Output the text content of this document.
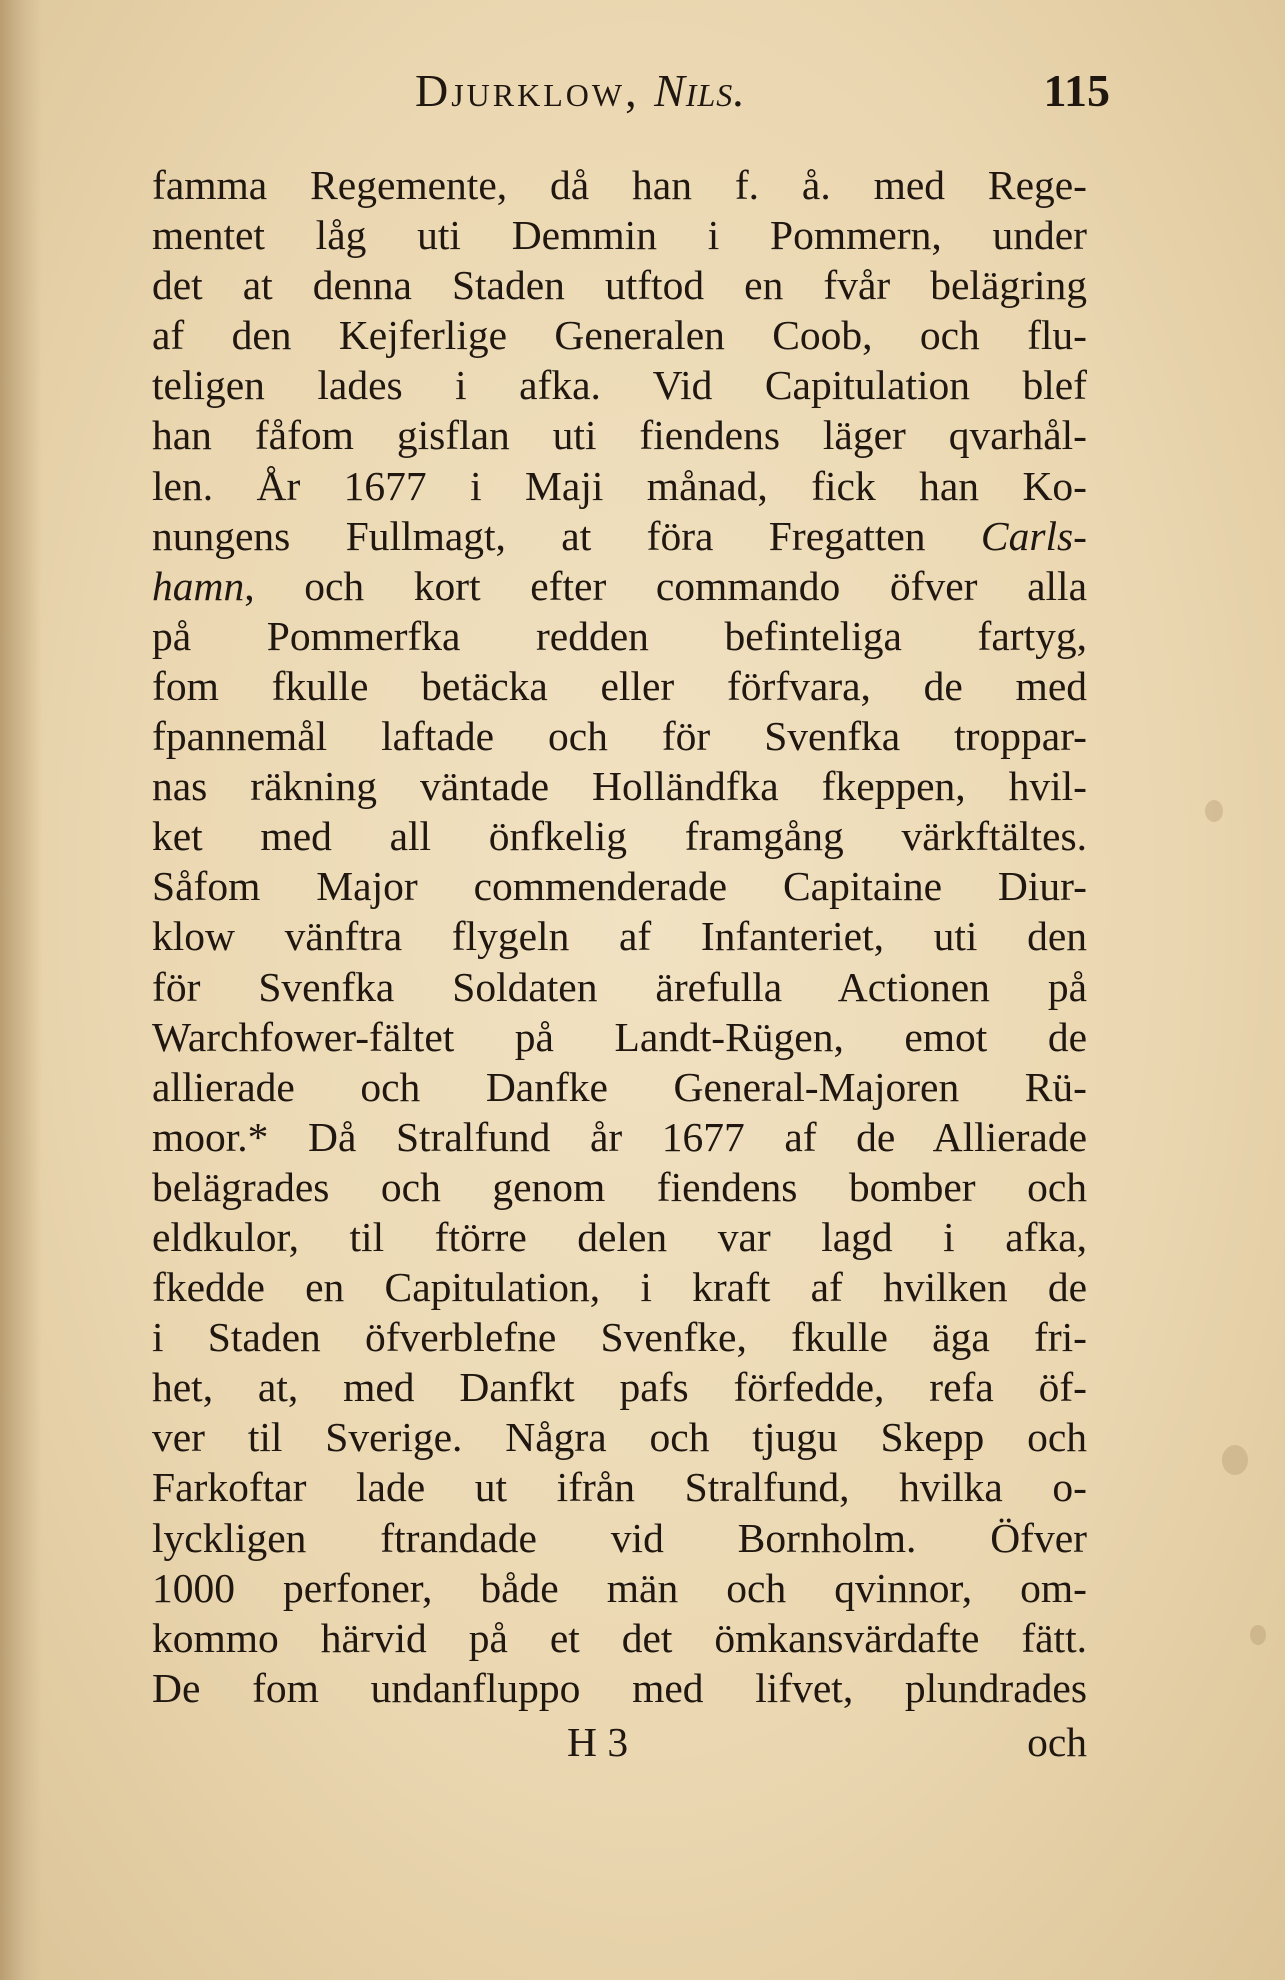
Djurklow, Nils.	115
famma Regemente, då han f. å. med Rege-
mentet låg uti Demmin i Pommern, under
det at denna Staden utftod en fvår belägring
af den Kejferlige Generalen Coob, och flu-
teligen lades i afka. Vid Capitulation blef
han fåfom gisflan uti fiendens läger qvarhål-
len. År 1677 i Maji månad, fick han Ko-
nungens Fullmagt, at föra Fregatten Carls-
hamn, och kort efter commando öfver alla
på Pommerfka redden befinteliga fartyg,
fom fkulle betäcka eller förfvara, de med
fpannemål laftade och för Svenfka troppar-
nas räkning väntade Holländfka fkeppen, hvil-
ket med all önfkelig framgång värkftältes.
Såfom Major commenderade Capitaine Diur-
klow vänftra flygeln af Infanteriet, uti den
för Svenfka Soldaten ärefulla Actionen på
Warchfower-fältet på Landt-Rügen, emot de
allierade och Danfke General-Majoren Rü-
moor.* Då Stralfund år 1677 af de Allierade
belägrades och genom fiendens bomber och
eldkulor, til ftörre delen var lagd i afka,
fkedde en Capitulation, i kraft af hvilken de
i Staden öfverblefne Svenfke, fkulle äga fri-
het, at, med Danfkt pafs förfedde, refa öf-
ver til Sverige. Några och tjugu Skepp och
Farkoftar lade ut ifrån Stralfund, hvilka o-
lyckligen ftrandade vid Bornholm. Öfver
1000 perfoner, både män och qvinnor, om-
kommo härvid på et det ömkansvärdafte fätt.
De fom undanfluppo med lifvet, plundrades
H 3	och
